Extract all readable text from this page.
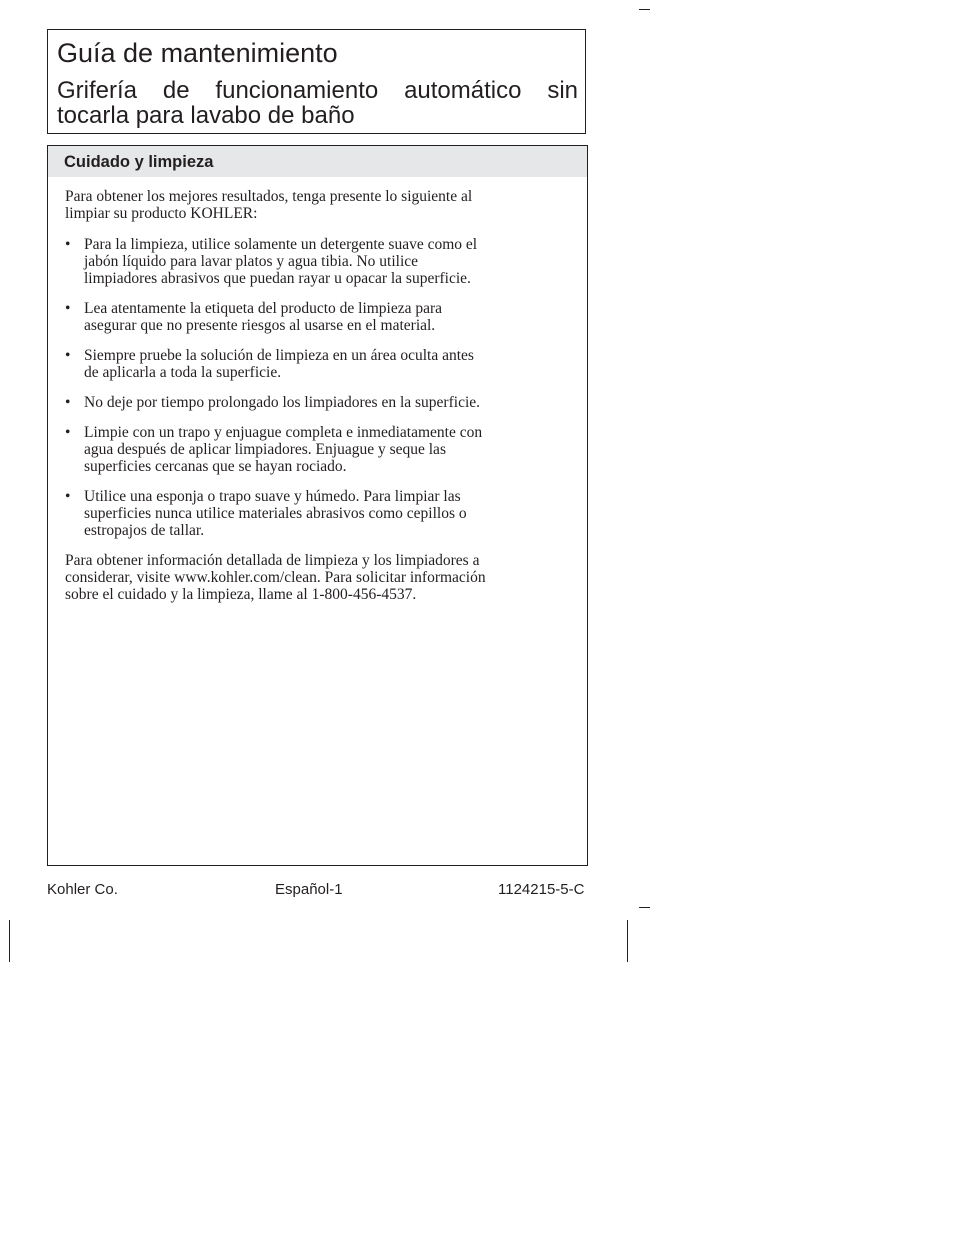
Guía de mantenimiento
Grifería de funcionamiento automático sin tocarla para lavabo de baño
Cuidado y limpieza

Para obtener los mejores resultados, tenga presente lo siguiente al
limpiar su producto KOHLER:

• Para la limpieza, utilice solamente un detergente suave como el
jabón líquido para lavar platos y agua tibia. No utilice
limpiadores abrasivos que puedan rayar u opacar la superficie.
• Lea atentamente la etiqueta del producto de limpieza para
asegurar que no presente riesgos al usarse en el material.
• Siempre pruebe la solución de limpieza en un área oculta antes
de aplicarla a toda la superficie.
• No deje por tiempo prolongado los limpiadores en la superficie.
• Limpie con un trapo y enjuague completa e inmediatamente con
agua después de aplicar limpiadores. Enjuague y seque las
superficies cercanas que se hayan rociado.
• Utilice una esponja o trapo suave y húmedo. Para limpiar las
superficies nunca utilice materiales abrasivos como cepillos o
estropajos de tallar.

Para obtener información detallada de limpieza y los limpiadores a
considerar, visite www.kohler.com/clean. Para solicitar información
sobre el cuidado y la limpieza, llame al 1-800-456-4537.

Kohler Co.	Español-1	1124215-5-C
